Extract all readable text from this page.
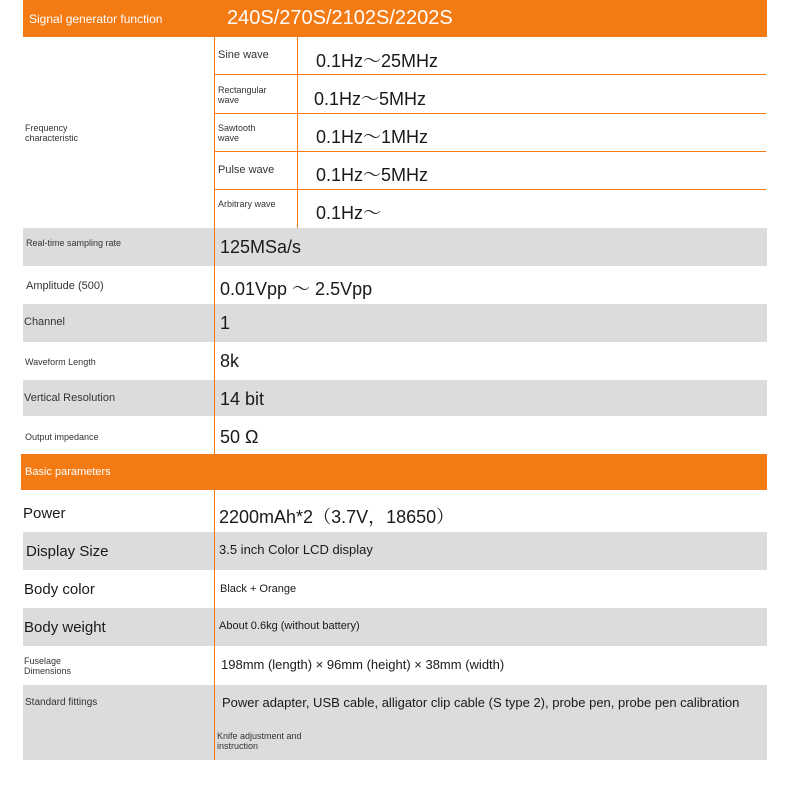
Signal generator function	240S/270S/2102S/2202S
Frequency characteristic
Sine wave	0.1Hz～25MHz
Rectangular wave	0.1Hz～5MHz
Sawtooth wave	0.1Hz～1MHz
Pulse wave 0.1Hz～5MHz
Arbitrary wave 0.1Hz～
Real-time sampling rate	125MSa/s
Amplitude (500)	0.01Vpp ～ 2.5Vpp
Channel	1
Waveform Length	8k
Vertical Resolution	14 bit
Output impedance	50 Ω
Basic parameters
Power	2200mAh*2（3.7V，18650）
Display Size	3.5 inch Color LCD display
Body color	Black + Orange
Body weight	About 0.6kg (without battery)
Fuselage Dimensions	198mm (length) × 96mm (height) × 38mm (width)
Standard fittings	Power adapter, USB cable, alligator clip cable (S type 2), probe pen, probe pen calibration
Knife adjustment and instruction
